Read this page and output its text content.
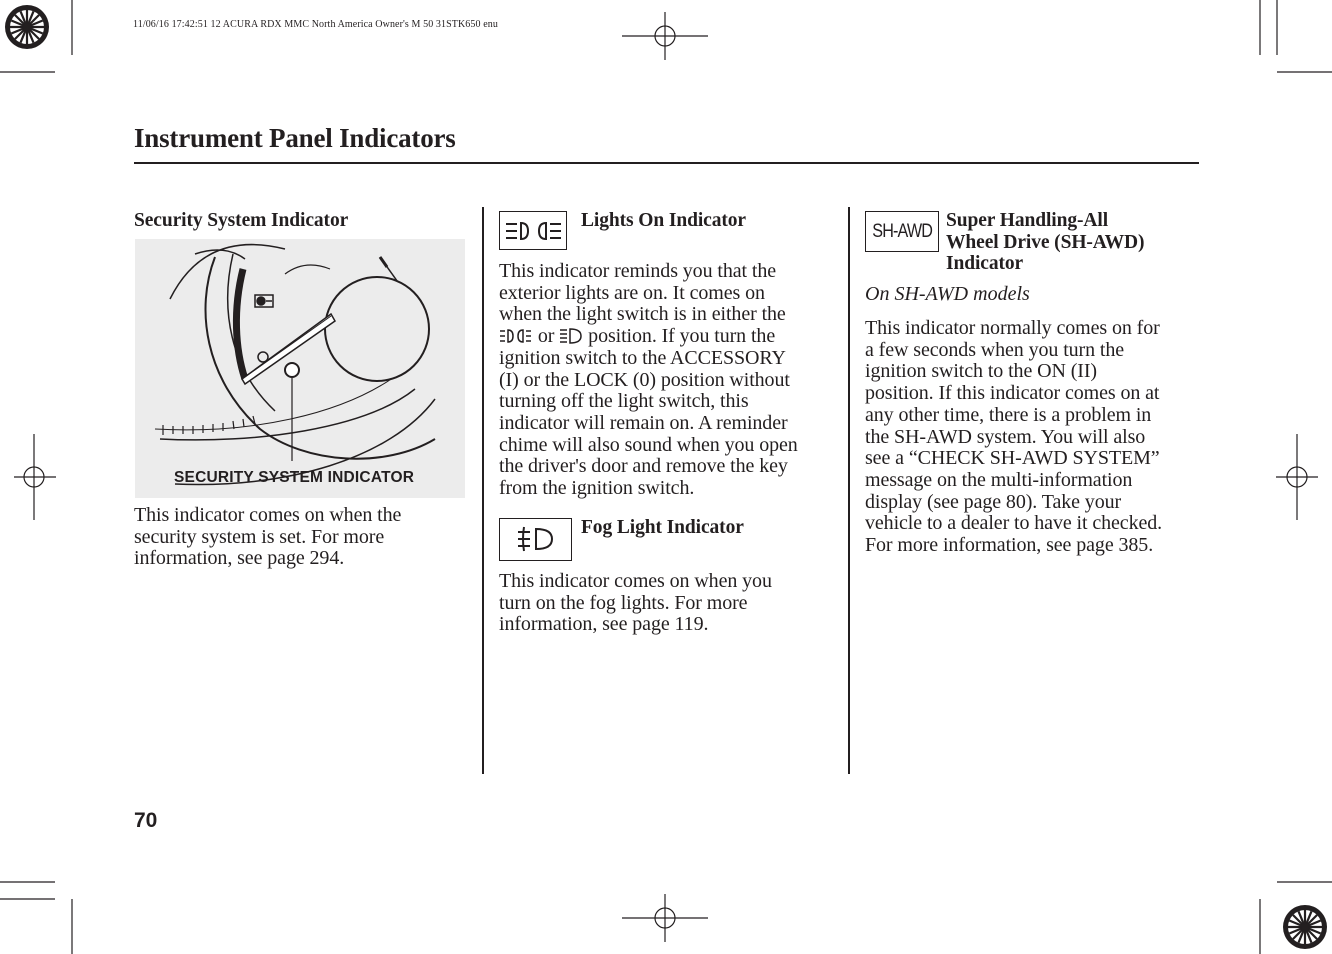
11/06/16 17:42:51 12 ACURA RDX MMC North America Owner's M 50 31STK650 enu
Instrument Panel Indicators
Security System Indicator
SECURITY SYSTEM INDICATOR

This indicator comes on when the

security system is set. For more

information, see page 294.

Lights On Indicator

This indicator reminds you that the

exterior lights are on. It comes on

when the light switch is in either the

or
position. If you turn the

ignition switch to the ACCESSORY

(I) or the LOCK (0) position without

turning off the light switch, this

indicator will remain on. A reminder

chime will also sound when you open

the driver's door and remove the key

from the ignition switch.

Fog Light Indicator

This indicator comes on when you

turn on the fog lights. For more

information, see page 119.

SH-AWD Super Handling-All
Wheel Drive (SH-AWD)
Indicator
On SH-AWD models

This indicator normally comes on for

a few seconds when you turn the

ignition switch to the ON (II)

position. If this indicator comes on at

any other time, there is a problem in

the SH-AWD system. You will also

see a “CHECK SH-AWD SYSTEM”

message on the multi-information

display (see page 80). Take your

vehicle to a dealer to have it checked.

For more information, see page 385.

70
